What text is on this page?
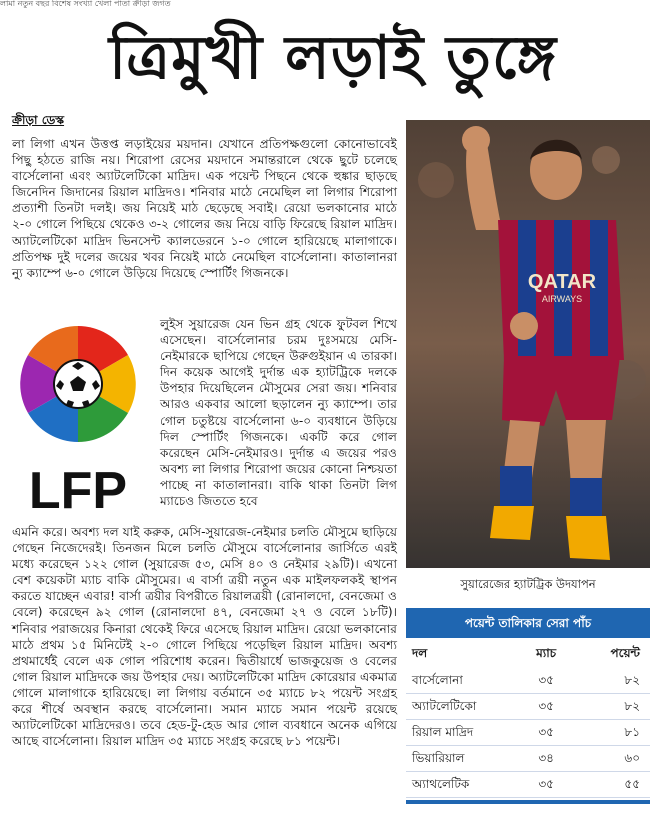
লামা নতুন বছর বিশেষ সংখ্যা খেলা পাতা ক্রীড়া জগত
ত্রিমুখী লড়াই তুঙ্গে
ক্রীড়া ডেস্ক

লা লিগা এখন উত্তপ্ত লড়াইয়ের ময়দান। যেখানে প্রতিপক্ষগুলো কোনোভাবেই পিছু হঠতে রাজি নয়। শিরোপা রেসের ময়দানে সমান্তরালে থেকে ছুটে চলেছে বার্সেলোনা এবং অ্যাটলেটিকো মাদ্রিদ। এক পয়েন্ট পিছনে থেকে হুঙ্কার ছাড়ছে জিনেদিন জিদানের রিয়াল মাদ্রিদও। শনিবার মাঠে নেমেছিল লা লিগার শিরোপা প্রত্যাশী তিনটা দলই। জয় নিয়েই মাঠ ছেড়েছে সবাই। রেয়ো ভলকানোর মাঠে ২-০ গোলে পিছিয়ে থেকেও ৩-২ গোলের জয় নিয়ে বাড়ি ফিরেছে রিয়াল মাদ্রিদ। অ্যাটলেটিকো মাদ্রিদ ভিনসেন্ট ক্যালডেরনে ১-০ গোলে হারিয়েছে মালাগাকে। প্রতিপক্ষ দুই দলের জয়ের খবর নিয়েই মাঠে নেমেছিল বার্সেলোনা। কাতালানরা ন্যু ক্যাম্পে ৬-০ গোলে উড়িয়ে দিয়েছে স্পোর্টিং গিজনকে।

LFP

লুইস সুয়ারেজ যেন ভিন গ্রহ থেকে ফুটবল শিখে এসেছেন। বার্সেলোনার চরম দুঃসময়ে মেসি-নেইমারকে ছাপিয়ে গেছেন উরুগুইয়ান এ তারকা। দিন কয়েক আগেই দুর্দান্ত এক হ্যাটট্রিকে দলকে উপহার দিয়েছিলেন মৌসুমের সেরা জয়। শনিবার আরও একবার আলো ছড়ালেন ন্যু ক্যাম্পে। তার গোল চতুষ্টয়ে বার্সেলোনা ৬-০ ব্যবধানে উড়িয়ে দিল স্পোর্টিং গিজনকে। একটি করে গোল করেছেন মেসি-নেইমারও। দুর্দান্ত এ জয়ের পরও অবশ্য লা লিগার শিরোপা জয়ের কোনো নিশ্চয়তা পাচ্ছে না কাতালানরা। বাকি থাকা তিনটা লিগ ম্যাচেও জিততে হবে

এমনি করে। অবশ্য দল যাই করুক, মেসি-সুয়ারেজ-নেইমার চলতি মৌসুমে ছাড়িয়ে গেছেন নিজেদেরই। তিনজন মিলে চলতি মৌসুমে বার্সেলোনার জার্সিতে এরই মধ্যে করেছেন ১২২ গোল (সুয়ারেজ ৫৩, মেসি ৪০ ও নেইমার ২৯টি)। এখনো বেশ কয়েকটা ম্যাচ বাকি মৌসুমের। এ বার্সা ত্রয়ী নতুন এক মাইলফলকই স্থাপন করতে যাচ্ছেন এবার! বার্সা ত্রয়ীর বিপরীতে রিয়ালত্রয়ী (রোনালদো, বেনজেমা ও বেলে) করেছেন ৯২ গোল (রোনালদো ৪৭, বেনজেমা ২৭ ও বেলে ১৮টি)। শনিবার পরাজয়ের কিনারা থেকেই ফিরে এসেছে রিয়াল মাদ্রিদ। রেয়ো ভলকানোর মাঠে প্রথম ১৫ মিনিটেই ২-০ গোলে পিছিয়ে পড়েছিল রিয়াল মাদ্রিদ। অবশ্য প্রথমার্ধেই বেলে এক গোল পরিশোধ করেন। দ্বিতীয়ার্ধে ভাজকুয়েজ ও বেলের গোল রিয়াল মাদ্রিদকে জয় উপহার দেয়। অ্যাটলেটিকো মাদ্রিদ কোরেয়ার একমাত্র গোলে মালাগাকে হারিয়েছে। লা লিগায় বর্তমানে ৩৫ ম্যাচে ৮২ পয়েন্ট সংগ্রহ করে শীর্ষে অবস্থান করছে বার্সেলোনা। সমান ম্যাচে সমান পয়েন্ট রয়েছে অ্যাটলেটিকো মাদ্রিদেরও। তবে হেড-টু-হেড আর গোল ব্যবধানে অনেক এগিয়ে আছে বার্সেলোনা। রিয়াল মাদ্রিদ ৩৫ ম্যাচে সংগ্রহ করেছে ৮১ পয়েন্ট।

QATAR
AIRWAYS
সুয়ারেজের হ্যাটট্রিক উদযাপন
পয়েন্ট তালিকার সেরা পাঁচ
দল	ম্যাচ	পয়েন্ট
বার্সেলোনা	৩৫	৮২
অ্যাটলেটিকো	৩৫	৮২
রিয়াল মাদ্রিদ	৩৫	৮১
ভিয়ারিয়াল	৩৪	৬০
অ্যাথলেটিক	৩৫	৫৫
